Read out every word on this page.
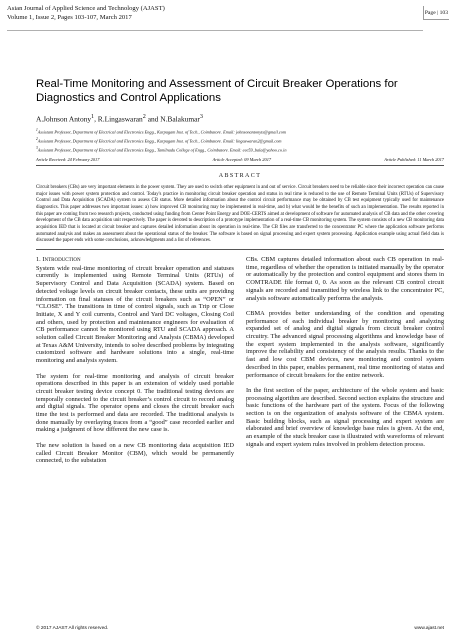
Asian Journal of Applied Science and Technology (AJAST)
Volume 1, Issue 2, Pages 103-107, March 2017
Page | 103
Real-Time Monitoring and Assessment of Circuit Breaker Operations for Diagnostics and Control Applications
A.Johnson Antony$^1$, R.Lingaswaran$^2$ and N.Balakumar$^3$
$^1$Assistant Professor, Department of Electrical and Electronics Engg., Karpagam Inst. of Tech., Coimbatore. Email: johnsonantonyts@gmail.com
$^2$Assistant Professor, Department of Electrical and Electronics Engg., Karpagam Inst. of Tech., Coimbatore. Email: lingaswaran2@gmail.com
$^3$Assistant Professor, Department of Electrical and Electronics Engg., Tamilnadu College of Engg., Coimbatore. Email: eee59_bala@yahoo.co.in
Article Received: 24 February 2017	Article Accepted: 09 March 2017	Article Published: 11 March 2017
ABSTRACT

Circuit breakers (CBs) are very important elements in the power system. They are used to switch other equipment in and out of service. Circuit breakers need to be reliable since their incorrect operation can cause major issues with power system protection and control. Today's practice in monitoring circuit breaker operation and status in real time is reduced to the use of Remote Terminal Units (RTUs) of Supervisory Control and Data Acquisition (SCADA) system to assess CB status. More detailed information about the control circuit performance may be obtained by CB test equipment typically used for maintenance diagnostics. This paper addresses two important issues: a) how improved CB monitoring may be implemented in real-time, and b) what would be the benefits of such an implementation. The results reported in this paper are coming from two research projects, conducted using funding from Center Point Energy and DOE-CERTS aimed at development of software for automated analysis of CB data and the other covering development of the CB data acquisition unit respectively. The paper is devoted to description of a prototype implementation of a real-time CB monitoring system. The system consists of a new CB monitoring data acquisition IED that is located at circuit breaker and captures detailed information about its operation in real-time. The CB files are transferred to the concentrator PC where the application software performs automated analysis and makes an assessment about the operational status of the breaker. The software is based on signal processing and expert system processing. Application example using actual field data is discussed the paper ends with some conclusions, acknowledgments and a list of references.

1. INTRODUCTION

System wide real-time monitoring of circuit breaker operation and statuses currently is implemented using Remote Terminal Units (RTUs) of Supervisory Control and Data Acquisition (SCADA) system. Based on detected voltage levels on circuit breaker contacts, these units are providing information on final statuses of the circuit breakers such as “OPEN” or “CLOSE”. The transitions in time of control signals, such as Trip or Close Initiate, X and Y coil currents, Control and Yard DC voltages, Closing Coil and others, used by protection and maintenance engineers for evaluation of CB performance cannot be monitored using RTU and SCADA approach. A solution called Circuit Breaker Monitoring and Analysis (CBMA) developed at Texas A&M University, intends to solve described problems by integrating customized software and hardware solutions into a single, real-time monitoring and analysis system.

The system for real-time monitoring and analysis of circuit breaker operations described in this paper is an extension of widely used portable circuit breaker testing device concept 0. The traditional testing devices are temporally connected to the circuit breaker’s control circuit to record analog and digital signals. The operator opens and closes the circuit breaker each time the test is performed and data are recorded. The traditional analysis is done manually by overlaying traces from a “good” case recorded earlier and making a judgment of how different the new case is.

The new solution is based on a new CB monitoring data acquisition IED called Circuit Breaker Monitor (CBM), which would be permanently connected, to the substation

CBs. CBM captures detailed information about each CB operation in real-time, regardless of whether the operation is initiated manually by the operator or automatically by the protection and control equipment and stores them in COMTRADE file format 0, 0. As soon as the relevant CB control circuit signals are recorded and transmitted by wireless link to the concentrator PC, analysis software automatically performs the analysis.

CBMA provides better understanding of the condition and operating performance of each individual breaker by monitoring and analyzing expanded set of analog and digital signals from circuit breaker control circuitry. The advanced signal processing algorithms and knowledge base of the expert system implemented in the analysis software, significantly improve the reliability and consistency of the analysis results. Thanks to the fast and low cost CBM devices, new monitoring and control system described in this paper, enables permanent, real time monitoring of status and performance of circuit breakers for the entire network.

In the first section of the paper, architecture of the whole system and basic processing algorithm are described. Second section explains the structure and basic functions of the hardware part of the system. Focus of the following section is on the organization of analysis software of the CBMA system. Basic building blocks, such as signal processing and expert system are elaborated and brief overview of knowledge base rules is given. At the end, an example of the stuck breaker case is illustrated with waveforms of relevant signals and expert system rules involved in problem detection process.

© 2017 AJAST All rights reserved.	www.ajast.net
